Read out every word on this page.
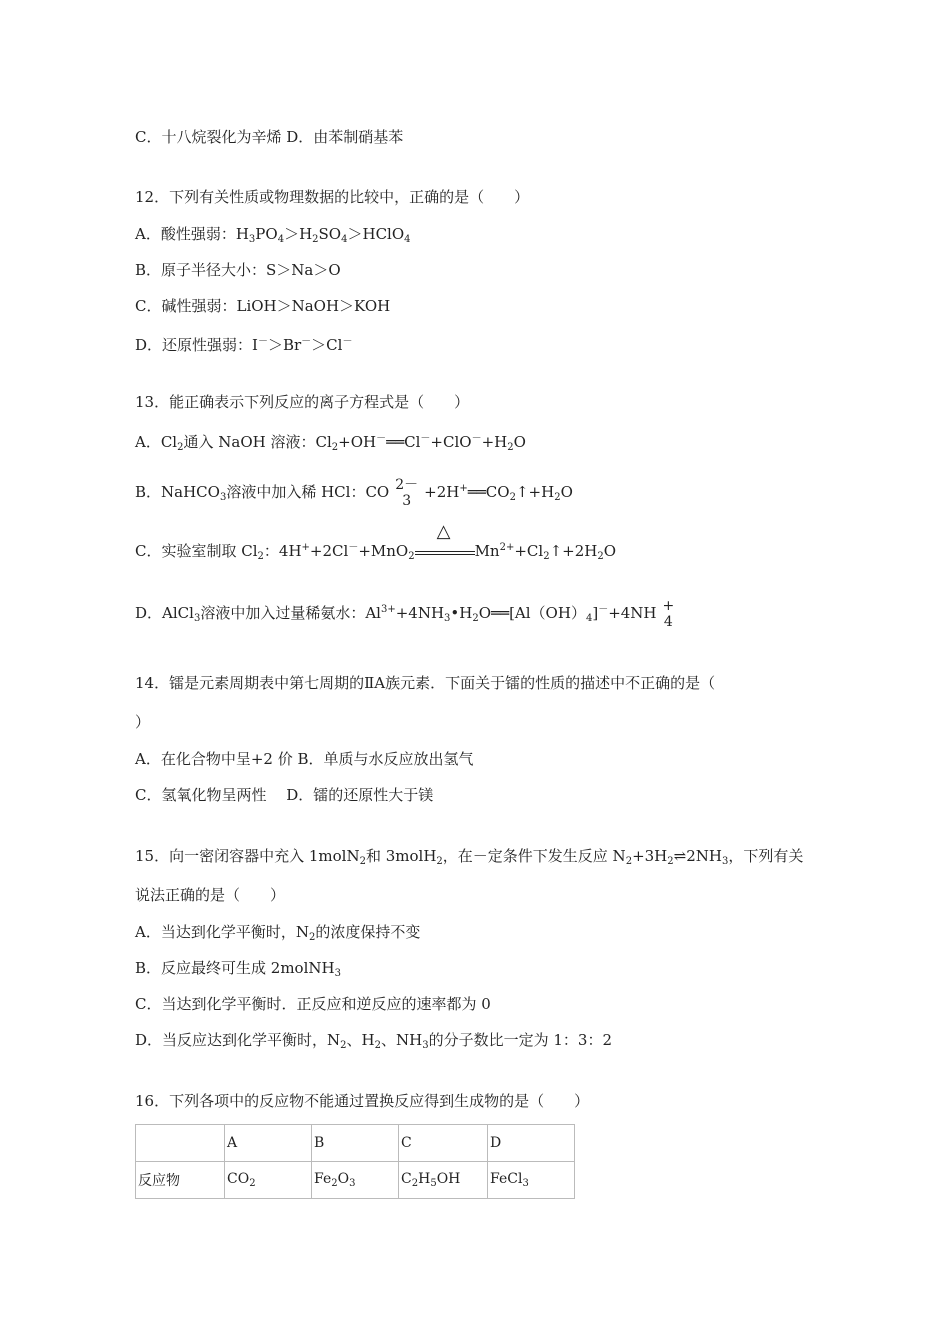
C．十八烷裂化为辛烯 D．由苯制硝基苯
12．下列有关性质或物理数据的比较中，正确的是（　　）
A．酸性强弱：$H_3PO_4>H_2SO_4>HClO_4$
B．原子半径大小：S＞Na＞O
C．碱性强弱：LiOH＞NaOH＞KOH
D．还原性强弱：I－＞Br－＞Cl－
13．能正确表示下列反应的离子方程式是（　　）
A．$Cl_2$通入 NaOH 溶液：$Cl_2+OH^-══Cl^-+ClO^-+H_2O$
B．NaHCO$_3$溶液中加入稀 HCl：CO 2－
$3 +2H^+══CO_2↑+H_2O$
C．实验室制取 $Cl_2$：4H++2Cl－+MnO$_2$
△
$Mn^{2+}+Cl_2↑+2H_2O$
D．AlCl$_3$溶液中加入过量稀氨水：$Al^{3+}+4NH_3•H_2O══[Al(OH)_4]^-+4NH$ +
4
14．镭是元素周期表中第七周期的ⅡA族元素．下面关于镭的性质的描述中不正确的是（
）
A．在化合物中呈+2 价 B．单质与水反应放出氢气
C．氢氧化物呈两性　 D．镭的还原性大于镁
15．向一密闭容器中充入 1molN$_2$和 3molH$_2$，在－定条件下发生反应 $N_2+3H_2\rightleftharpoons 2NH_3$，下列有关
说法正确的是（　　）
A．当达到化学平衡时，$N_2$的浓度保持不变
B．反应最终可生成 2molNH$_3$
C．当达到化学平衡时．正反应和逆反应的速率都为 0
D．当反应达到化学平衡时，$N_2$、$H_2$、$NH_3$的分子数比一定为 1：3：2
16．下列各项中的反应物不能通过置换反应得到生成物的是（　　）
	A	B	C	D
反应物	$CO_2$	$Fe_2O_3$	$C_2H_5OH$	FeCl$_3$
